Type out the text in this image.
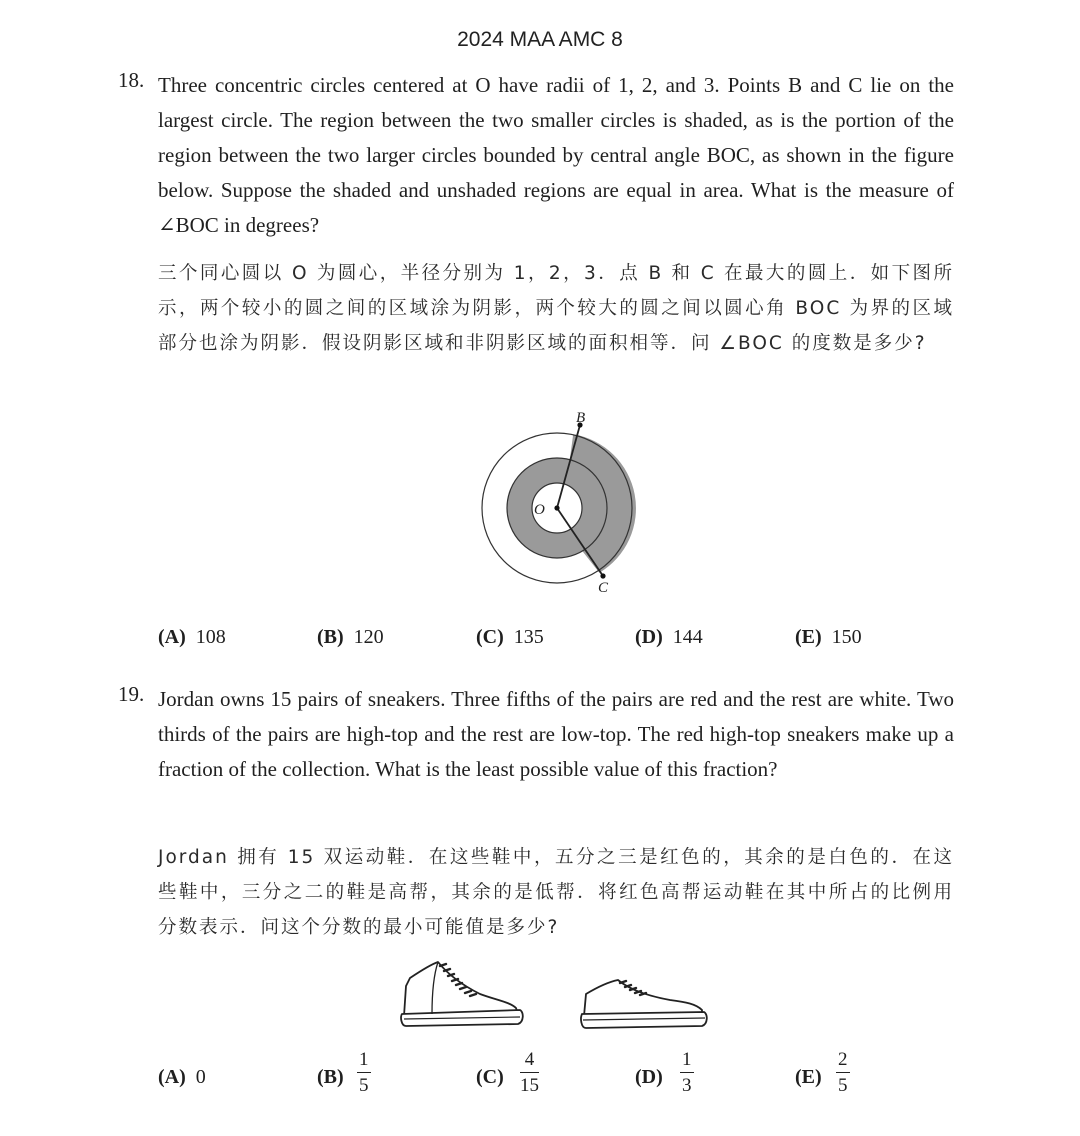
2024 MAA AMC 8
18. Three concentric circles centered at O have radii of 1, 2, and 3. Points B and C lie on the largest circle. The region between the two smaller circles is shaded, as is the portion of the region between the two larger circles bounded by central angle BOC, as shown in the figure below. Suppose the shaded and unshaded regions are equal in area. What is the measure of ∠BOC in degrees?
三个同心圆以 O 为圆心，半径分别为 1，2，3．点 B 和 C 在最大的圆上．如下图所示，两个较小的圆之间的区域涂为阴影，两个较大的圆之间以圆心角 BOC 为界的区域部分也涂为阴影．假设阴影区域和非阴影区域的面积相等．问 ∠BOC 的度数是多少?
O
B
C
(A) 108	(B) 120	(C) 135	(D) 144	(E) 150
19. Jordan owns 15 pairs of sneakers. Three fifths of the pairs are red and the rest are white. Two thirds of the pairs are high-top and the rest are low-top. The red high-top sneakers make up a fraction of the collection. What is the least possible value of this fraction?
Jordan 拥有 15 双运动鞋．在这些鞋中，五分之三是红色的，其余的是白色的．在这些鞋中，三分之二的鞋是高帮，其余的是低帮．将红色高帮运动鞋在其中所占的比例用分数表示．问这个分数的最小可能值是多少?
(A) 0	$(B) \frac{1}{5}$	$(C) \frac{4}{15}$	$(D) \frac{1}{3}$	$(E) \frac{2}{5}$
